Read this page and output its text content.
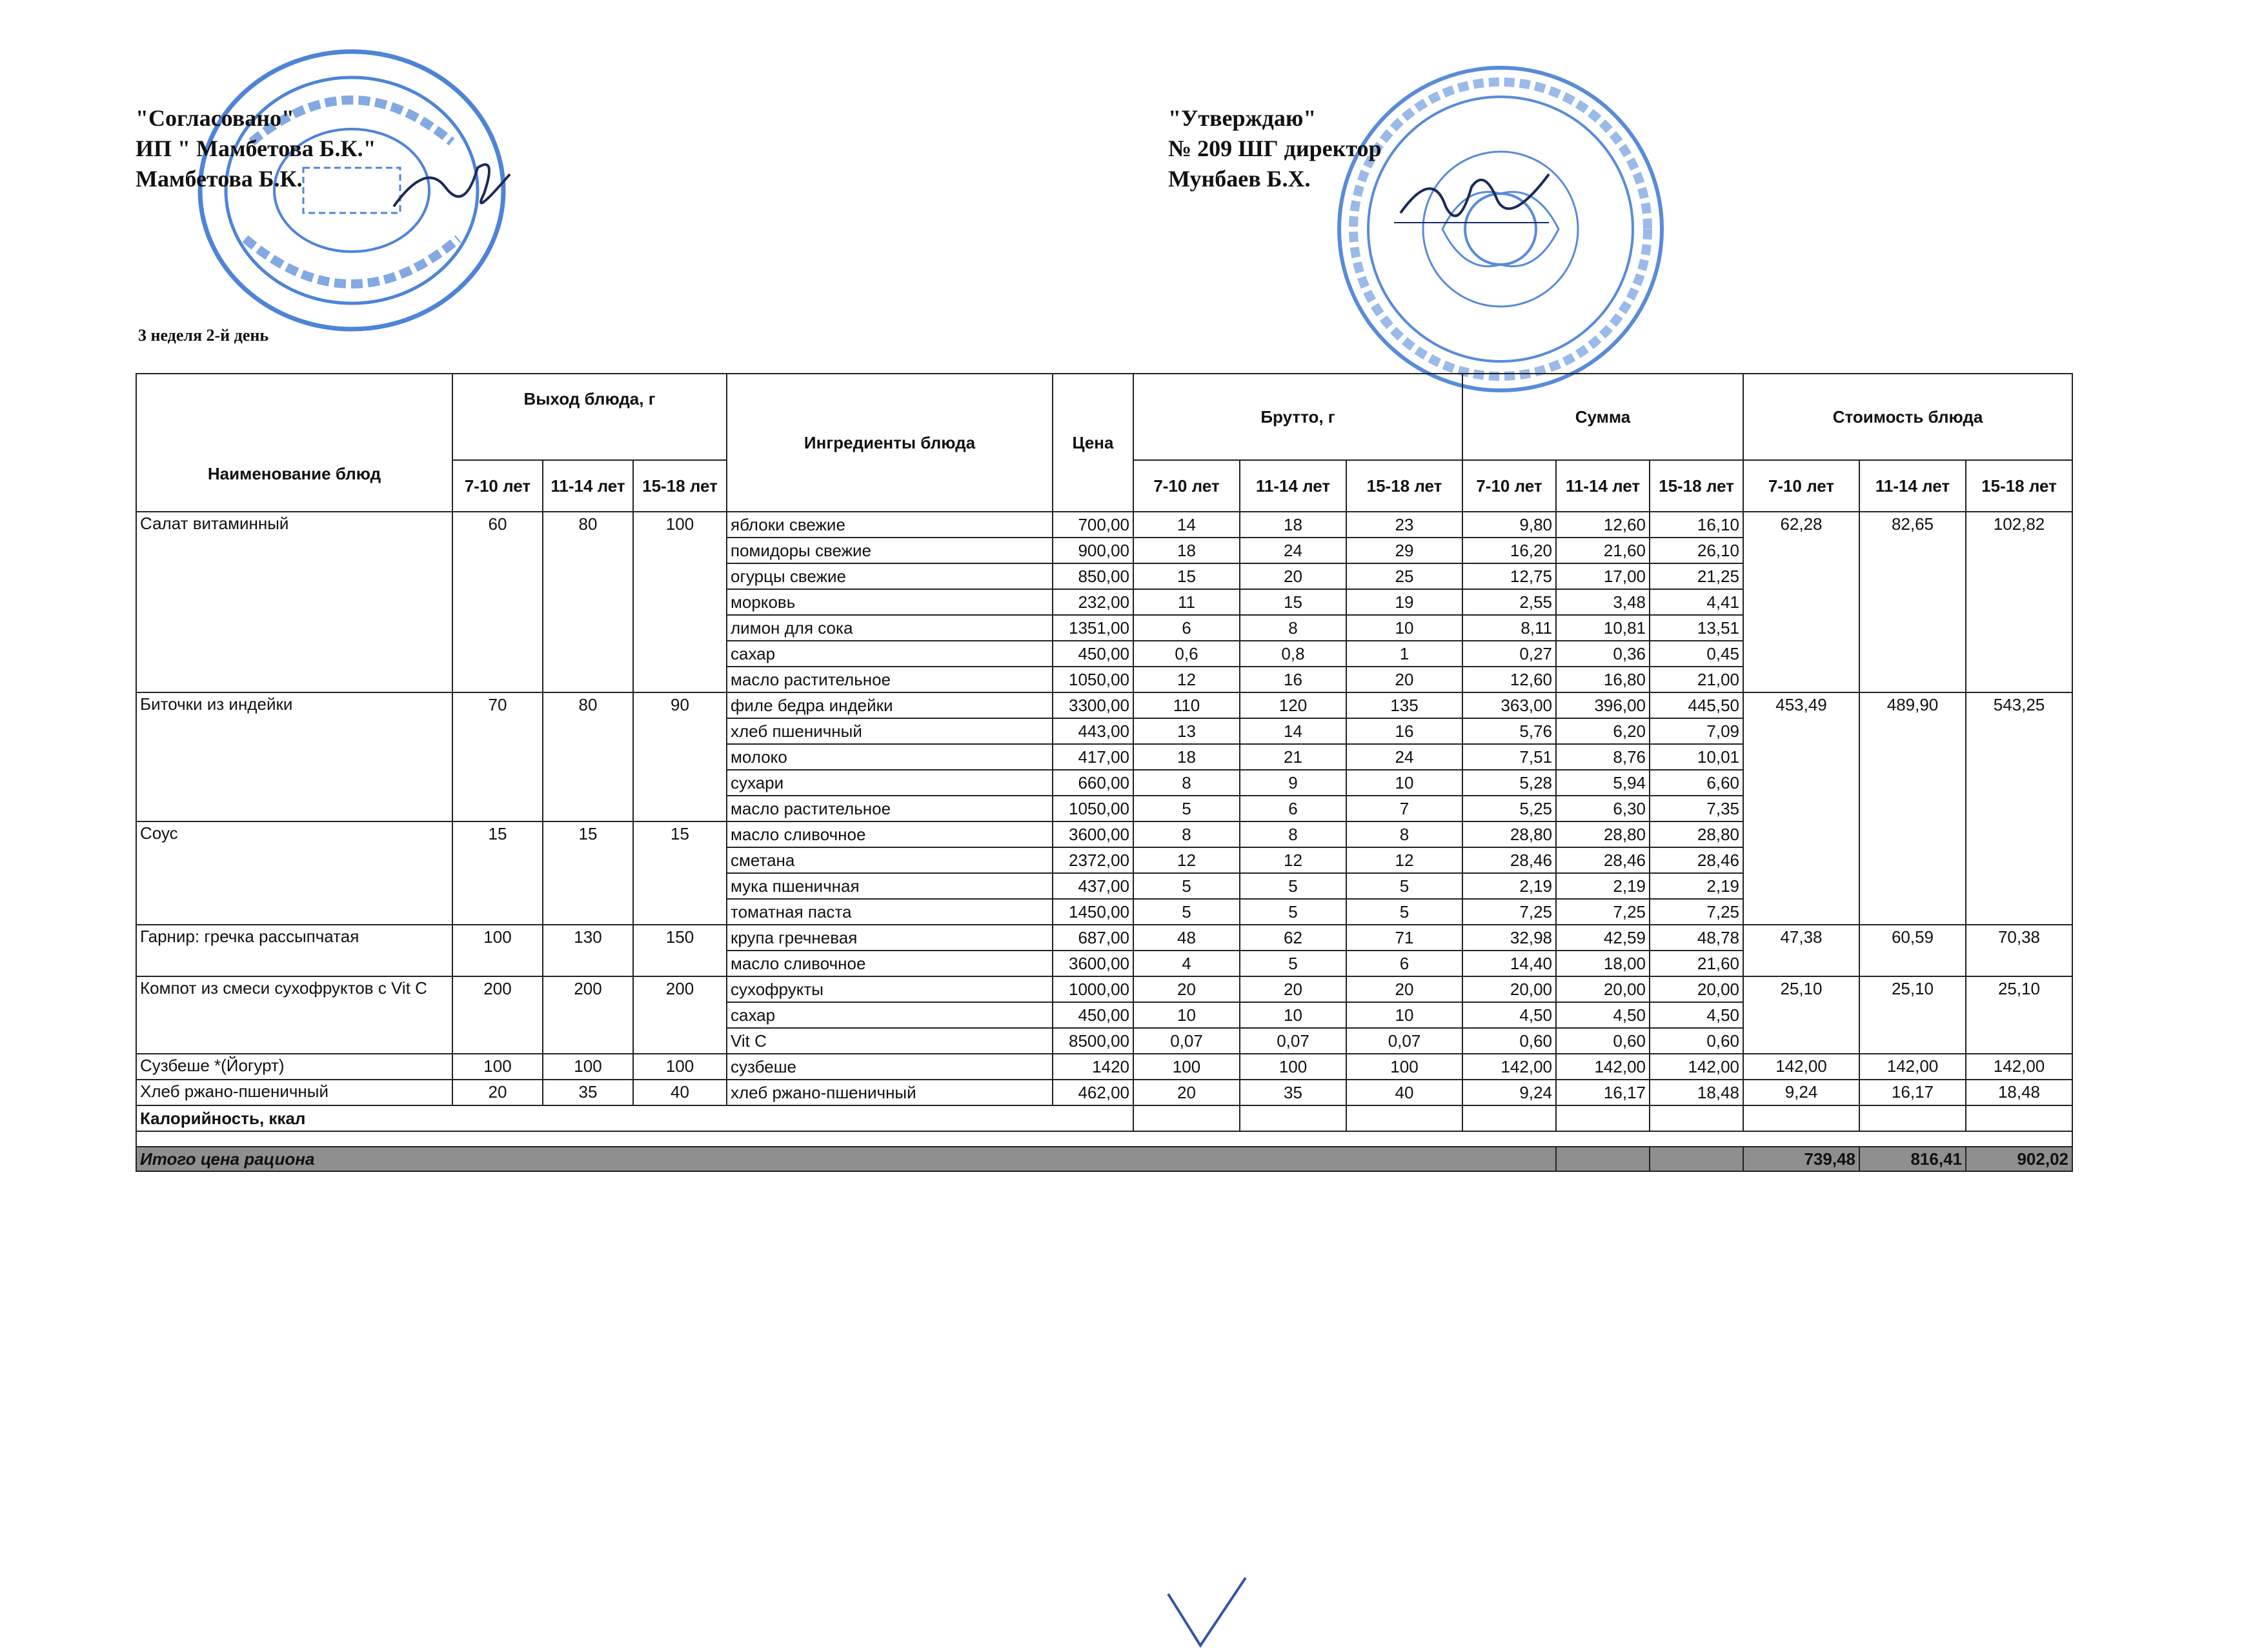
"Согласовано"
ИП " Мамбетова Б.К."
Мамбетова Б.К.
"Утверждаю"
№ 209 ШГ директор
Мунбаев Б.Х.
3 неделя 2-й день
Наименование блюд	Выход блюда, г			Ингредиенты блюда	Цена	Брутто, г			Сумма			Стоимость блюда		
	7-10 лет	11-14 лет	15-18 лет			7-10 лет	11-14 лет	15-18 лет	7-10 лет	11-14 лет	15-18 лет	7-10 лет	11-14 лет	15-18 лет
Салат витаминный	60	80	100	яблоки свежие	700,00	14	18	23	9,80	12,60	16,10	62,28	82,65	102,82
				помидоры свежие	900,00	18	24	29	16,20	21,60	26,10			
				огурцы свежие	850,00	15	20	25	12,75	17,00	21,25			
				морковь	232,00	11	15	19	2,55	3,48	4,41			
				лимон для сока	1351,00	6	8	10	8,11	10,81	13,51			
				сахар	450,00	0,6	0,8	1	0,27	0,36	0,45			
				масло растительное	1050,00	12	16	20	12,60	16,80	21,00			
Биточки из индейки	70	80	90	филе бедра индейки	3300,00	110	120	135	363,00	396,00	445,50	453,49	489,90	543,25
				хлеб пшеничный	443,00	13	14	16	5,76	6,20	7,09			
				молоко	417,00	18	21	24	7,51	8,76	10,01			
				сухари	660,00	8	9	10	5,28	5,94	6,60			
				масло растительное	1050,00	5	6	7	5,25	6,30	7,35			
Соус	15	15	15	масло сливочное	3600,00	8	8	8	28,80	28,80	28,80			
				сметана	2372,00	12	12	12	28,46	28,46	28,46			
				мука пшеничная	437,00	5	5	5	2,19	2,19	2,19			
				томатная паста	1450,00	5	5	5	7,25	7,25	7,25			
Гарнир: гречка рассыпчатая	100	130	150	крупа гречневая	687,00	48	62	71	32,98	42,59	48,78	47,38	60,59	70,38
				масло сливочное	3600,00	4	5	6	14,40	18,00	21,60			
Компот из смеси сухофруктов с Vit C	200	200	200	сухофрукты	1000,00	20	20	20	20,00	20,00	20,00	25,10	25,10	25,10
				сахар	450,00	10	10	10	4,50	4,50	4,50			
				Vit C	8500,00	0,07	0,07	0,07	0,60	0,60	0,60			
Сузбеше *(Йогурт)	100	100	100	сузбеше	1420	100	100	100	142,00	142,00	142,00	142,00	142,00	142,00
Хлеб ржано-пшеничный	20	35	40	хлеб ржано-пшеничный	462,00	20	35	40	9,24	16,17	18,48	9,24	16,17	18,48
Калорийность, ккал														

Итого цена рациона												739,48	816,41	902,02
